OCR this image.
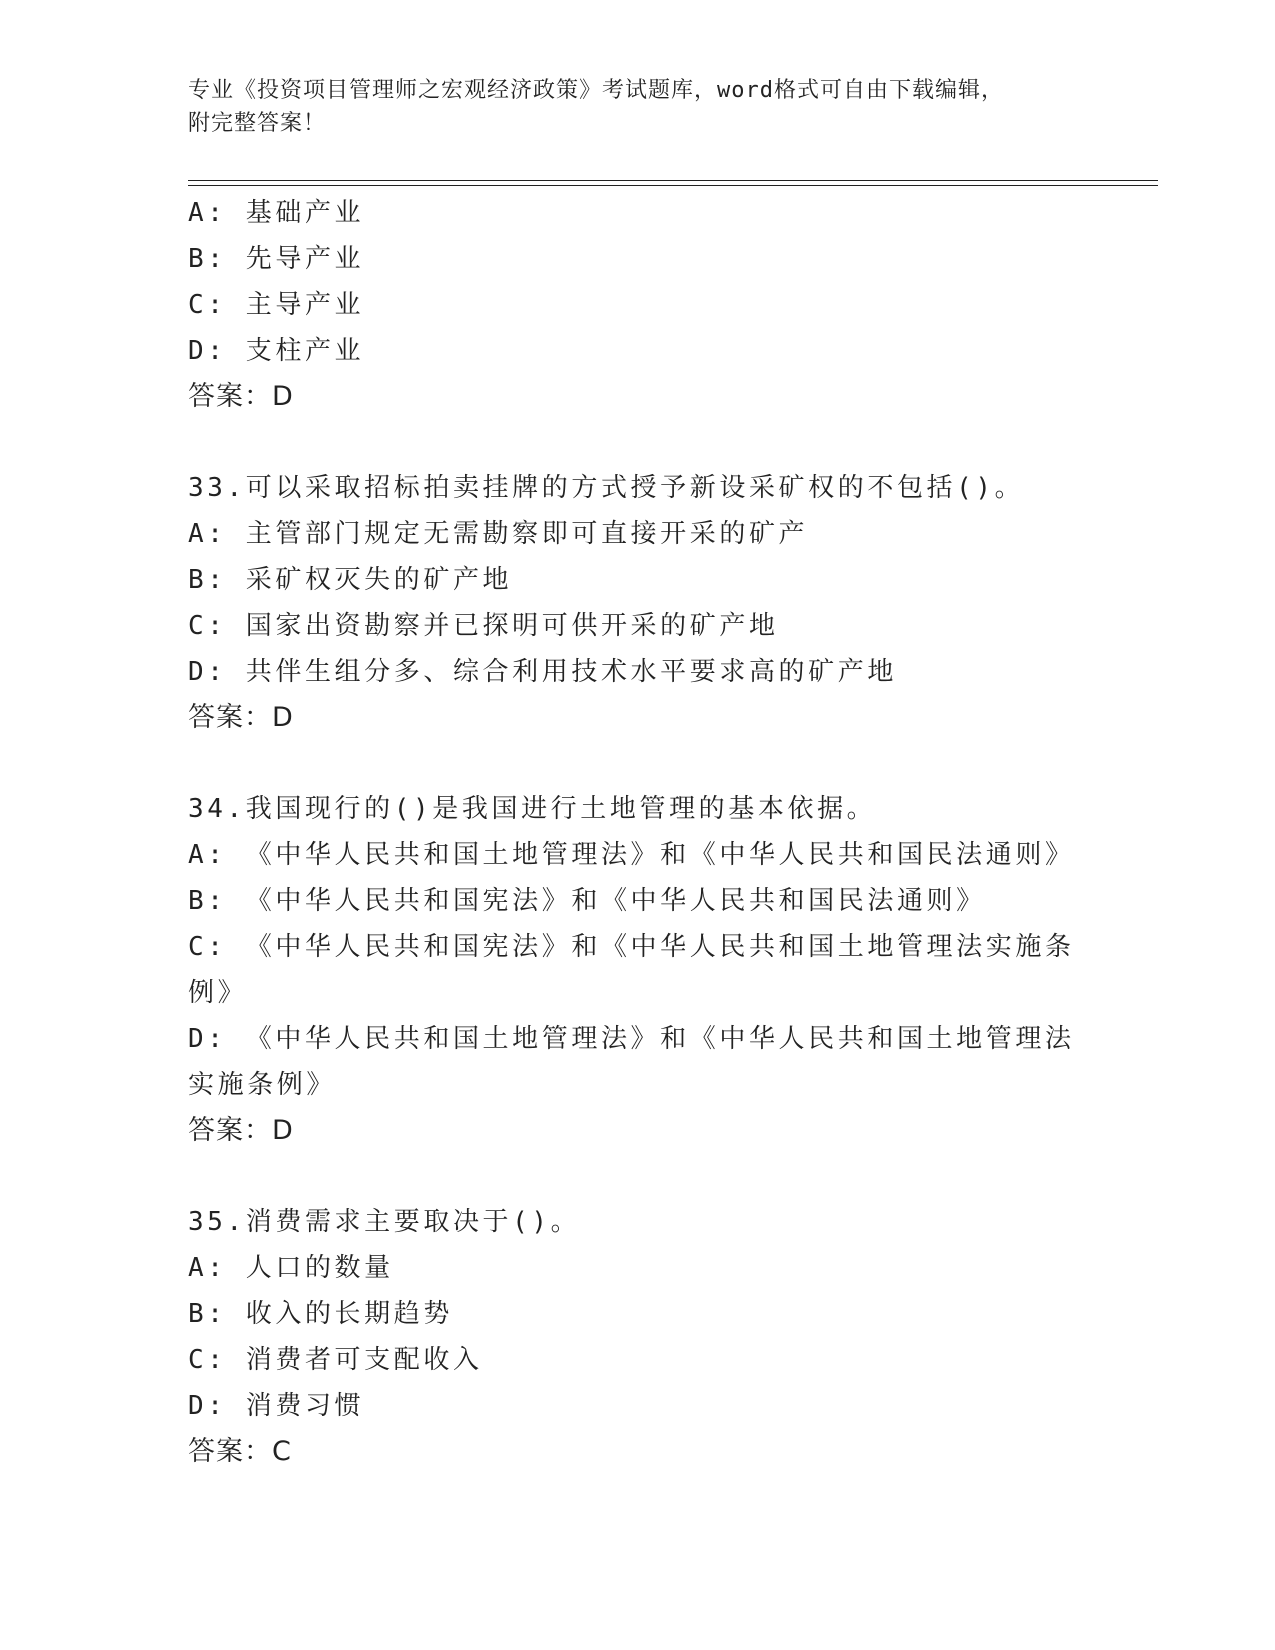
专业《投资项目管理师之宏观经济政策》考试题库，word格式可自由下载编辑，
附完整答案！
A: 基础产业
B: 先导产业
C: 主导产业
D: 支柱产业
答案：D
33.可以采取招标拍卖挂牌的方式授予新设采矿权的不包括()。
A: 主管部门规定无需勘察即可直接开采的矿产
B: 采矿权灭失的矿产地
C: 国家出资勘察并已探明可供开采的矿产地
D: 共伴生组分多、综合利用技术水平要求高的矿产地
答案：D
34.我国现行的()是我国进行土地管理的基本依据。
A: 《中华人民共和国土地管理法》和《中华人民共和国民法通则》
B: 《中华人民共和国宪法》和《中华人民共和国民法通则》
C: 《中华人民共和国宪法》和《中华人民共和国土地管理法实施条例》
D: 《中华人民共和国土地管理法》和《中华人民共和国土地管理法实施条例》
答案：D
35.消费需求主要取决于()。
A: 人口的数量
B: 收入的长期趋势
C: 消费者可支配收入
D: 消费习惯
答案：C
